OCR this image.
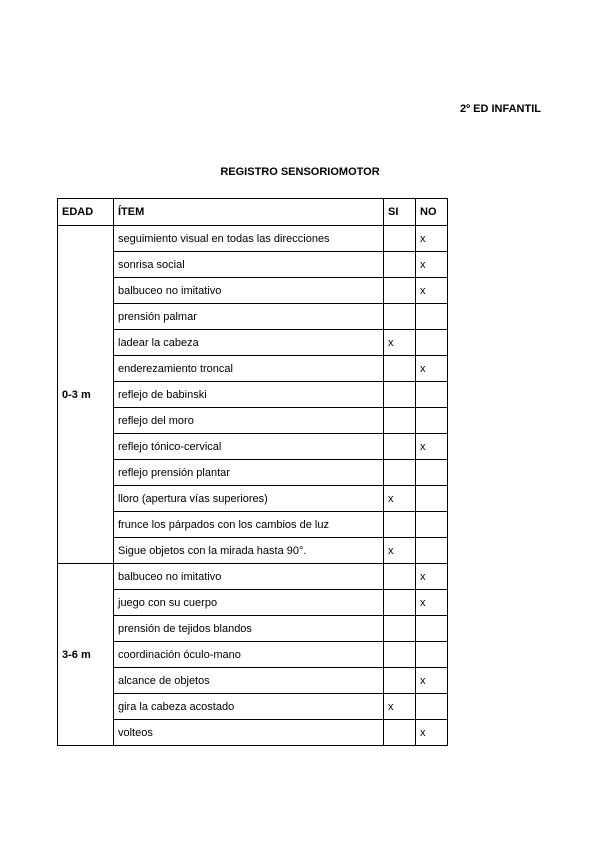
2º ED INFANTIL
REGISTRO SENSORIOMOTOR
EDAD	ÍTEM	SI	NO
0-3 m	seguimiento visual en todas las direcciones		x
	sonrisa social		x
	balbuceo no imitativo		x
	prensión palmar		
	ladear la cabeza	x	
	enderezamiento troncal		x
	reflejo de babinski		
	reflejo del moro		
	reflejo tónico-cervical		x
	reflejo prensión plantar		
	lloro (apertura vías superiores)	x	
	frunce los párpados con los cambios de luz		
	Sigue objetos con la mirada hasta 90°.	x	
3-6 m	balbuceo no imitativo		x
	juego con su cuerpo		x
	prensión de tejidos blandos		
	coordinación óculo-mano		
	alcance de objetos		x
	gira la cabeza acostado	x	
	volteos		x
